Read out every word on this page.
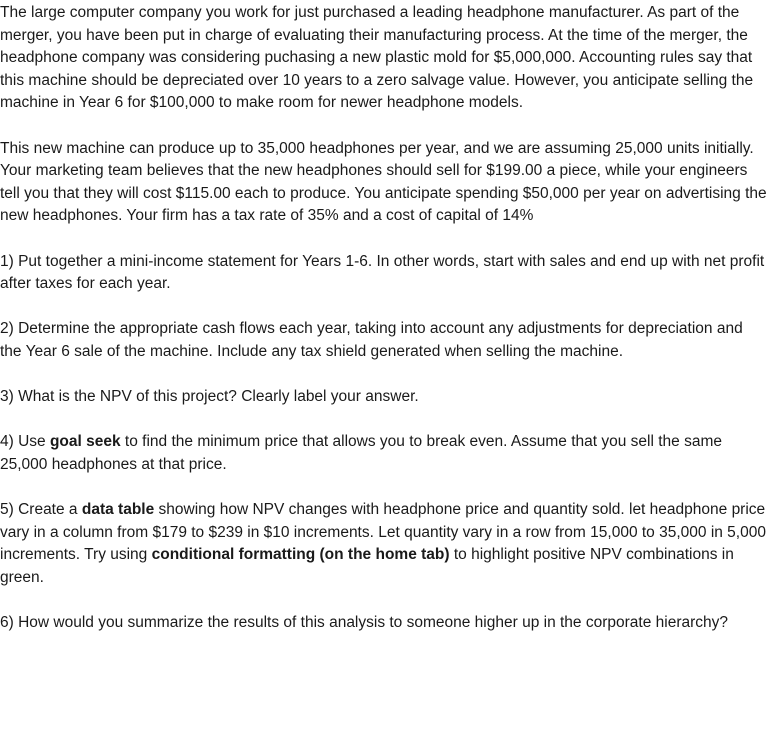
The large computer company you work for just purchased a leading headphone manufacturer. As part of the merger, you have been put in charge of evaluating their manufacturing process. At the time of the merger, the headphone company was considering puchasing a new plastic mold for $5,000,000. Accounting rules say that this machine should be depreciated over 10 years to a zero salvage value. However, you anticipate selling the machine in Year 6 for $100,000 to make room for newer headphone models.

This new machine can produce up to 35,000 headphones per year, and we are assuming 25,000 units initially. Your marketing team believes that the new headphones should sell for $199.00 a piece, while your engineers tell you that they will cost $115.00 each to produce. You anticipate spending $50,000 per year on advertising the new headphones. Your firm has a tax rate of 35% and a cost of capital of 14%

1) Put together a mini-income statement for Years 1-6. In other words, start with sales and end up with net profit after taxes for each year.

2) Determine the appropriate cash flows each year, taking into account any adjustments for depreciation and the Year 6 sale of the machine. Include any tax shield generated when selling the machine.

3) What is the NPV of this project? Clearly label your answer.

4) Use goal seek to find the minimum price that allows you to break even. Assume that you sell the same 25,000 headphones at that price.

5) Create a data table showing how NPV changes with headphone price and quantity sold. let headphone price vary in a column from $179 to $239 in $10 increments. Let quantity vary in a row from 15,000 to 35,000 in 5,000 increments. Try using conditional formatting (on the home tab) to highlight positive NPV combinations in green.

6) How would you summarize the results of this analysis to someone higher up in the corporate hierarchy?
